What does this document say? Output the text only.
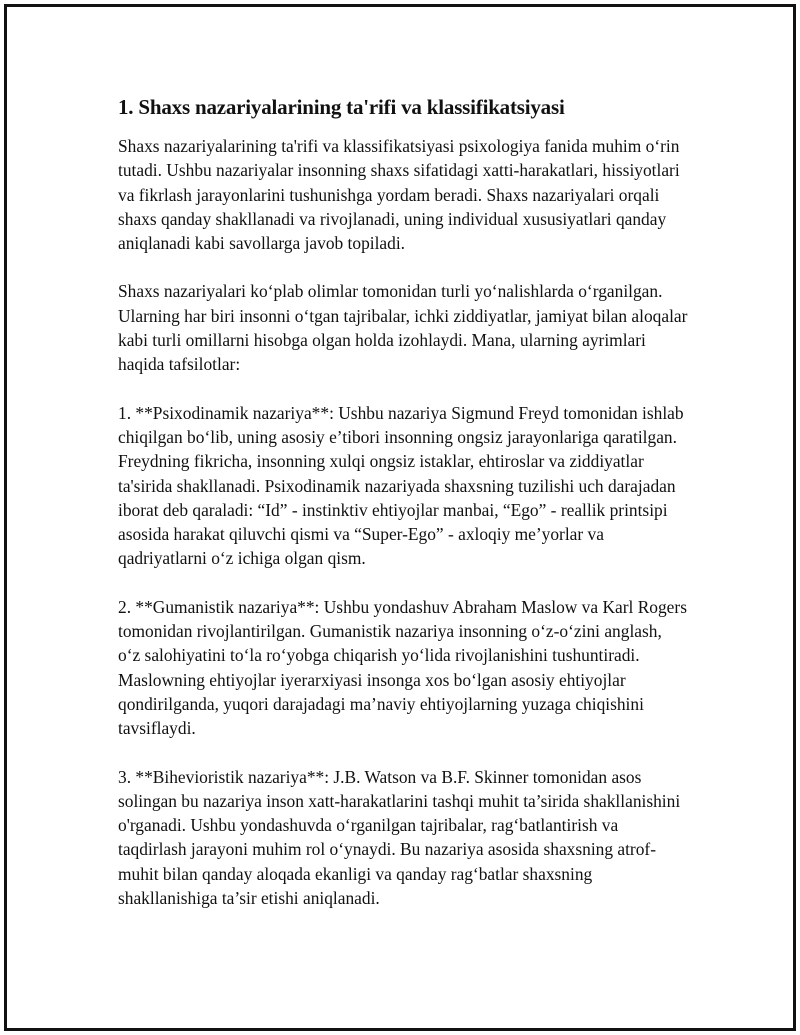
1. Shaxs nazariyalarining ta'rifi va klassifikatsiyasi

Shaxs nazariyalarining ta'rifi va klassifikatsiyasi psixologiya fanida muhim o‘rin tutadi. Ushbu nazariyalar insonning shaxs sifatidagi xatti-harakatlari, hissiyotlari va fikrlash jarayonlarini tushunishga yordam beradi. Shaxs nazariyalari orqali shaxs qanday shakllanadi va rivojlanadi, uning individual xususiyatlari qanday aniqlanadi kabi savollarga javob topiladi.

Shaxs nazariyalari ko‘plab olimlar tomonidan turli yo‘nalishlarda o‘rganilgan. Ularning har biri insonni o‘tgan tajribalar, ichki ziddiyatlar, jamiyat bilan aloqalar kabi turli omillarni hisobga olgan holda izohlaydi. Mana, ularning ayrimlari haqida tafsilotlar:

1. **Psixodinamik nazariya**: Ushbu nazariya Sigmund Freyd tomonidan ishlab chiqilgan bo‘lib, uning asosiy e’tibori insonning ongsiz jarayonlariga qaratilgan. Freydning fikricha, insonning xulqi ongsiz istaklar, ehtiroslar va ziddiyatlar ta'sirida shakllanadi. Psixodinamik nazariyada shaxsning tuzilishi uch darajadan iborat deb qaraladi: “Id” - instinktiv ehtiyojlar manbai, “Ego” - reallik printsipi asosida harakat qiluvchi qismi va “Super-Ego” - axloqiy me’yorlar va qadriyatlarni o‘z ichiga olgan qism.

2. **Gumanistik nazariya**: Ushbu yondashuv Abraham Maslow va Karl Rogers tomonidan rivojlantirilgan. Gumanistik nazariya insonning o‘z-o‘zini anglash, o‘z salohiyatini to‘la ro‘yobga chiqarish yo‘lida rivojlanishini tushuntiradi. Maslowning ehtiyojlar iyerarxiyasi insonga xos bo‘lgan asosiy ehtiyojlar qondirilganda, yuqori darajadagi ma’naviy ehtiyojlarning yuzaga chiqishini tavsiflaydi.

3. **Bihevioristik nazariya**: J.B. Watson va B.F. Skinner tomonidan asos solingan bu nazariya inson xatt-harakatlarini tashqi muhit ta’sirida shakllanishini o'rganadi. Ushbu yondashuvda o‘rganilgan tajribalar, rag‘batlantirish va taqdirlash jarayoni muhim rol o‘ynaydi. Bu nazariya asosida shaxsning atrof-muhit bilan qanday aloqada ekanligi va qanday rag‘batlar shaxsning shakllanishiga ta’sir etishi aniqlanadi.
